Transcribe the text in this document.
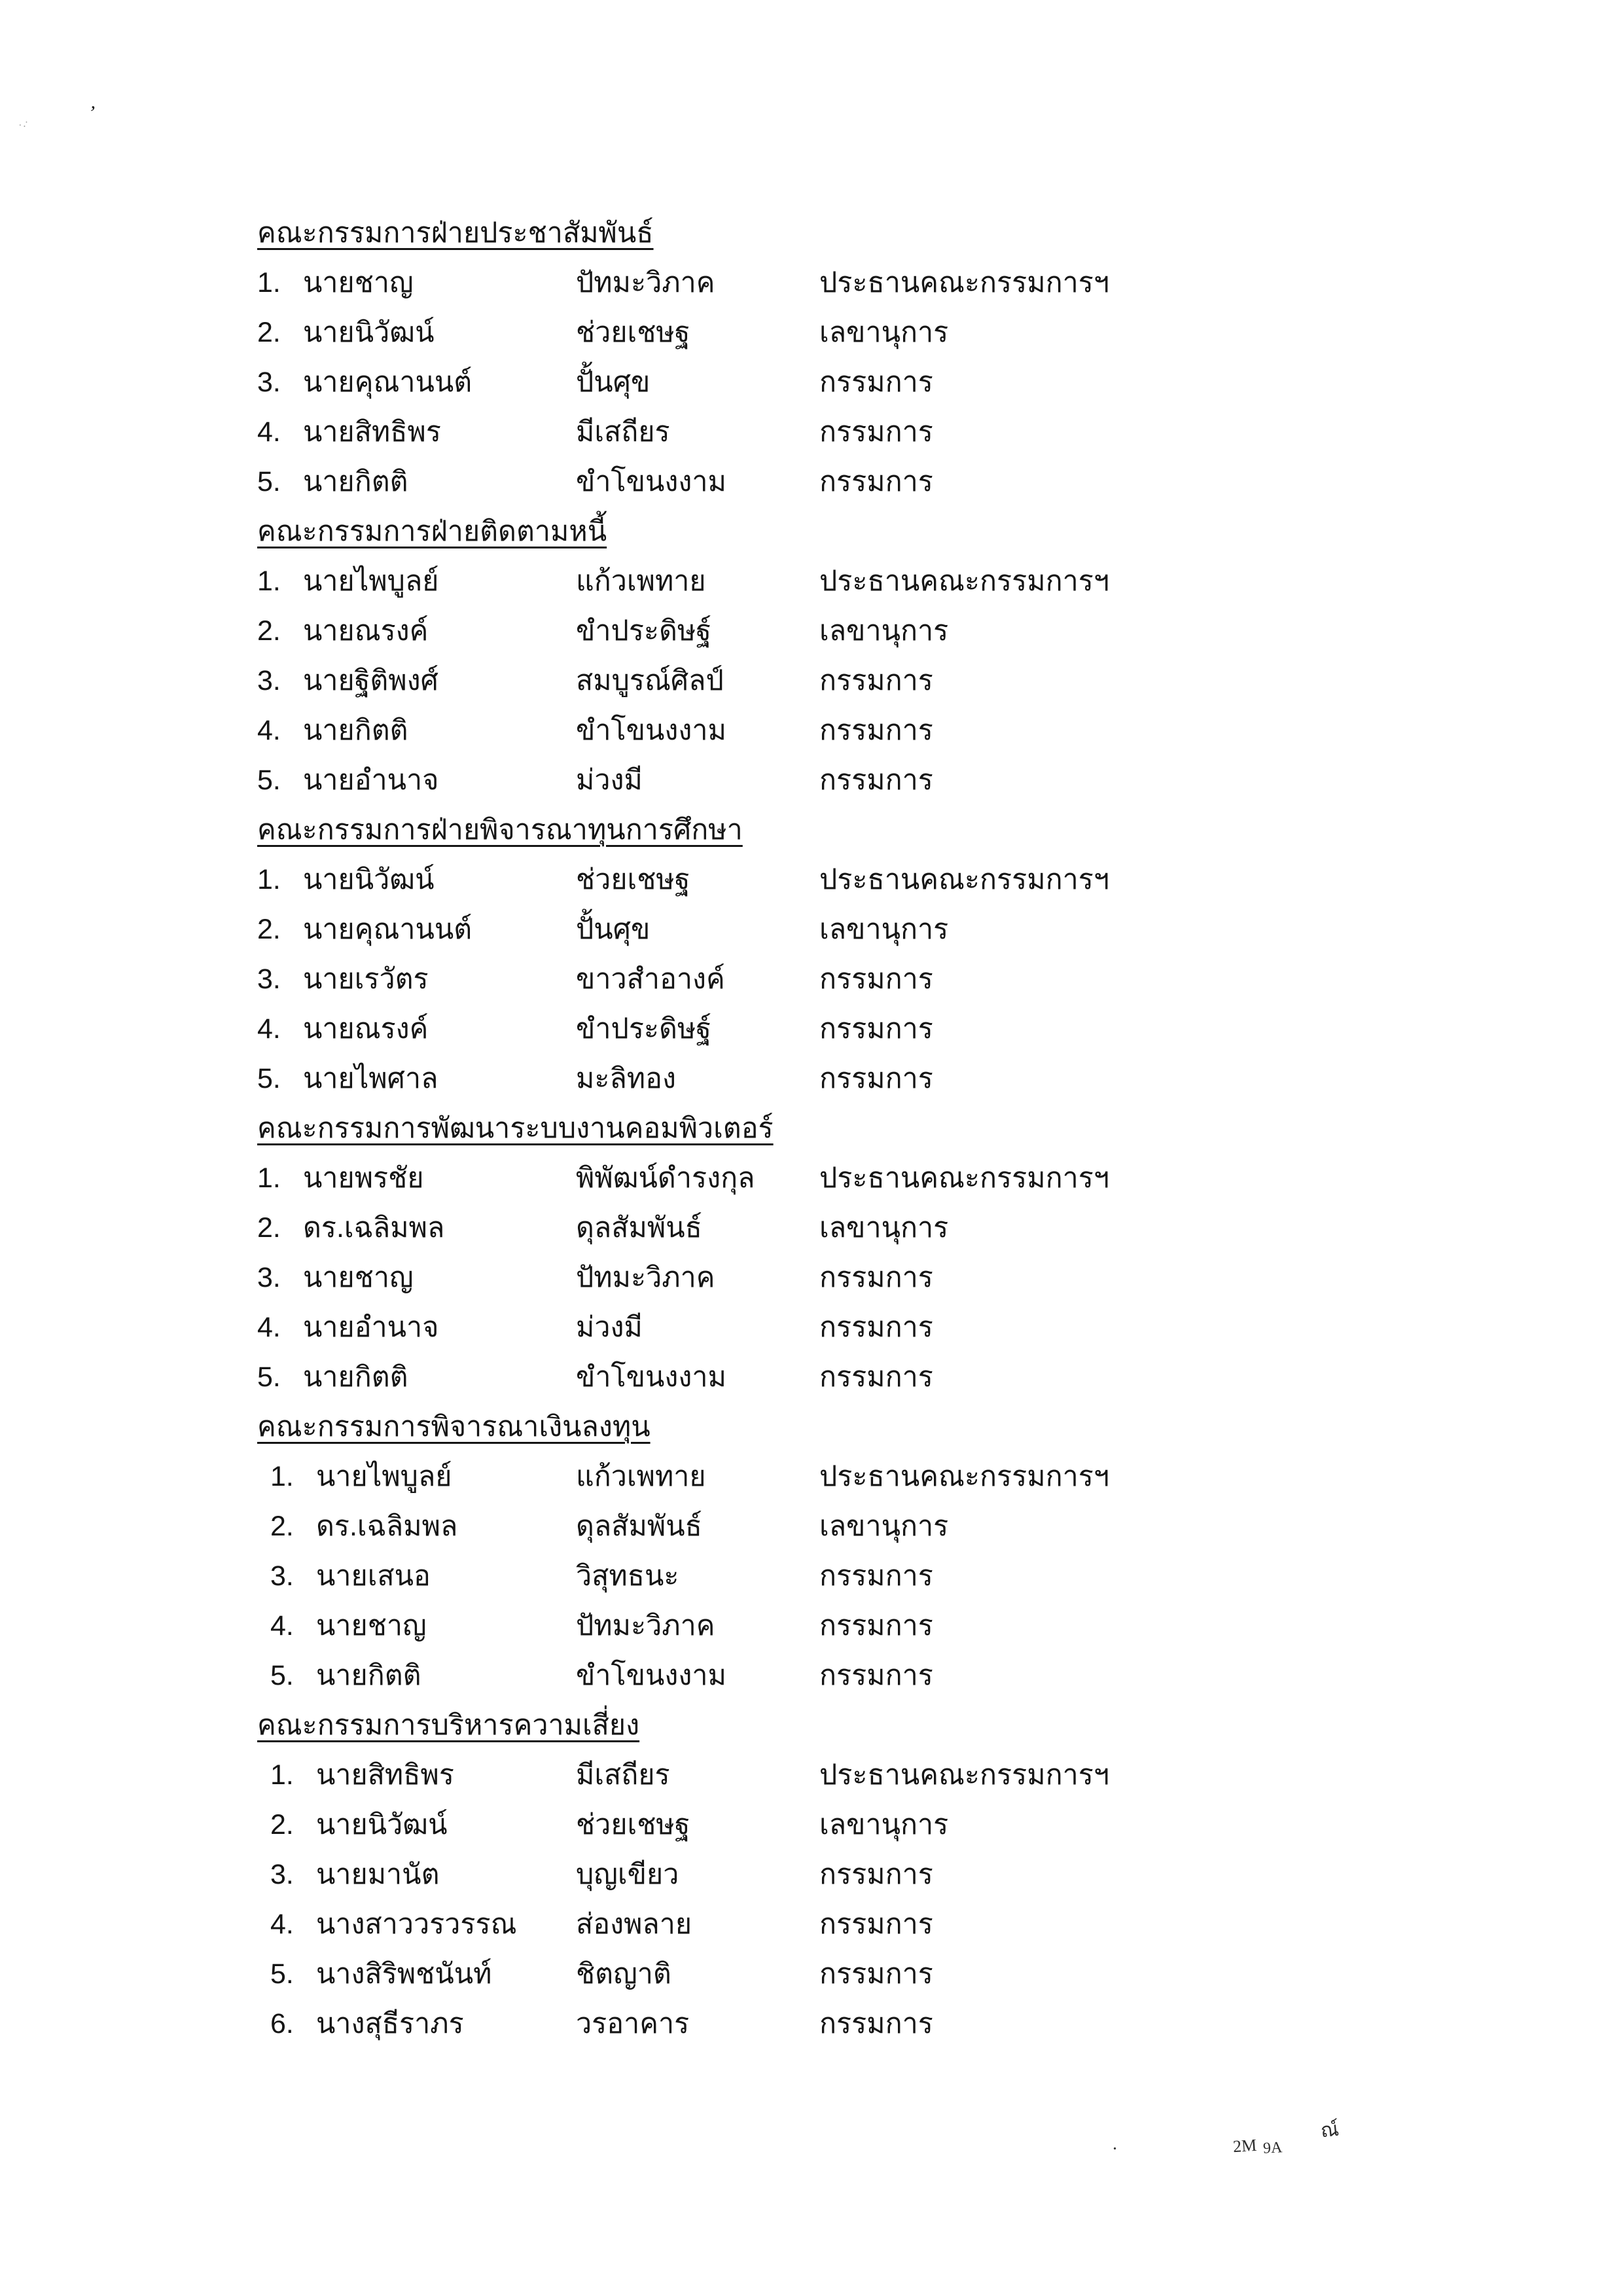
คณะกรรมการฝ่ายประชาสัมพันธ์
1. นายชาญ	ปัทมะวิภาค	ประธานคณะกรรมการฯ
2. นายนิวัฒน์	ช่วยเชษฐ	เลขานุการ
3. นายคุณานนต์	ปั้นศุข	กรรมการ
4. นายสิทธิพร	มีเสถียร	กรรมการ
5. นายกิตติ	ขำโขนงงาม	กรรมการ
คณะกรรมการฝ่ายติดตามหนี้
1. นายไพบูลย์	แก้วเพทาย	ประธานคณะกรรมการฯ
2. นายณรงค์	ขำประดิษฐ์	เลขานุการ
3. นายฐิติพงศ์	สมบูรณ์ศิลป์	กรรมการ
4. นายกิตติ	ขำโขนงงาม	กรรมการ
5. นายอำนาจ	ม่วงมี	กรรมการ
คณะกรรมการฝ่ายพิจารณาทุนการศึกษา
1. นายนิวัฒน์	ช่วยเชษฐ	ประธานคณะกรรมการฯ
2. นายคุณานนต์	ปั้นศุข	เลขานุการ
3. นายเรวัตร	ขาวสำอางค์	กรรมการ
4. นายณรงค์	ขำประดิษฐ์	กรรมการ
5. นายไพศาล	มะลิทอง	กรรมการ
คณะกรรมการพัฒนาระบบงานคอมพิวเตอร์
1. นายพรชัย	พิพัฒน์ดำรงกุล	ประธานคณะกรรมการฯ
2. ดร.เฉลิมพล	ดุลสัมพันธ์	เลขานุการ
3. นายชาญ	ปัทมะวิภาค	กรรมการ
4. นายอำนาจ	ม่วงมี	กรรมการ
5. นายกิตติ	ขำโขนงงาม	กรรมการ
คณะกรรมการพิจารณาเงินลงทุน
1. นายไพบูลย์	แก้วเพทาย	ประธานคณะกรรมการฯ
2. ดร.เฉลิมพล	ดุลสัมพันธ์	เลขานุการ
3. นายเสนอ	วิสุทธนะ	กรรมการ
4. นายชาญ	ปัทมะวิภาค	กรรมการ
5. นายกิตติ	ขำโขนงงาม	กรรมการ
คณะกรรมการบริหารความเสี่ยง
1. นายสิทธิพร	มีเสถียร	ประธานคณะกรรมการฯ
2. นายนิวัฒน์	ช่วยเชษฐ	เลขานุการ
3. นายมานัต	บุญเขียว	กรรมการ
4. นางสาววรวรรณ	ส่องพลาย	กรรมการ
5. นางสิริพชนันท์	ชิตญาติ	กรรมการ
6. นางสุธีราภร	วรอาคาร	กรรมการ
’
˙·˙
.	2M 9A
ณ์
